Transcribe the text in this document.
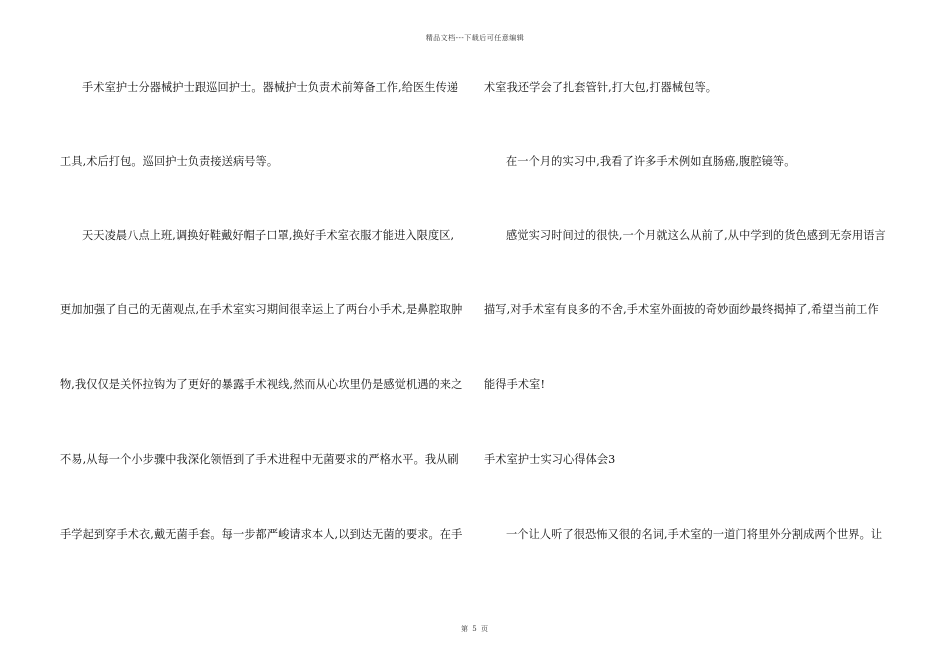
精品文档---下载后可任意编辑
手术室护士分器械护士跟巡回护士。器械护士负责术前筹备工作,给医生传递
工具,术后打包。巡回护士负责接送病号等。
天天凌晨八点上班,调换好鞋戴好帽子口罩,换好手术室衣服才能进入限度区,
更加加强了自己的无菌观点,在手术室实习期间很幸运上了两台小手术,是鼻腔取肿
物,我仅仅是关怀拉钩为了更好的暴露手术视线,然而从心坎里仍是感觉机遇的来之
不易,从每一个小步骤中我深化领悟到了手术进程中无菌要求的严格水平。我从刷
手学起到穿手术衣,戴无菌手套。每一步都严峻请求本人,以到达无菌的要求。在手
术室我还学会了扎套管针,打大包,打器械包等。
在一个月的实习中,我看了许多手术例如直肠癌,腹腔镜等。
感觉实习时间过的很快,一个月就这么从前了,从中学到的货色感到无奈用语言
描写,对手术室有良多的不舍,手术室外面披的奇妙面纱最终揭掉了,希望当前工作
能得手术室!
手术室护士实习心得体会3
一个让人听了很恐怖又很的名词,手术室的一道门将里外分割成两个世界。让
第 5 页
